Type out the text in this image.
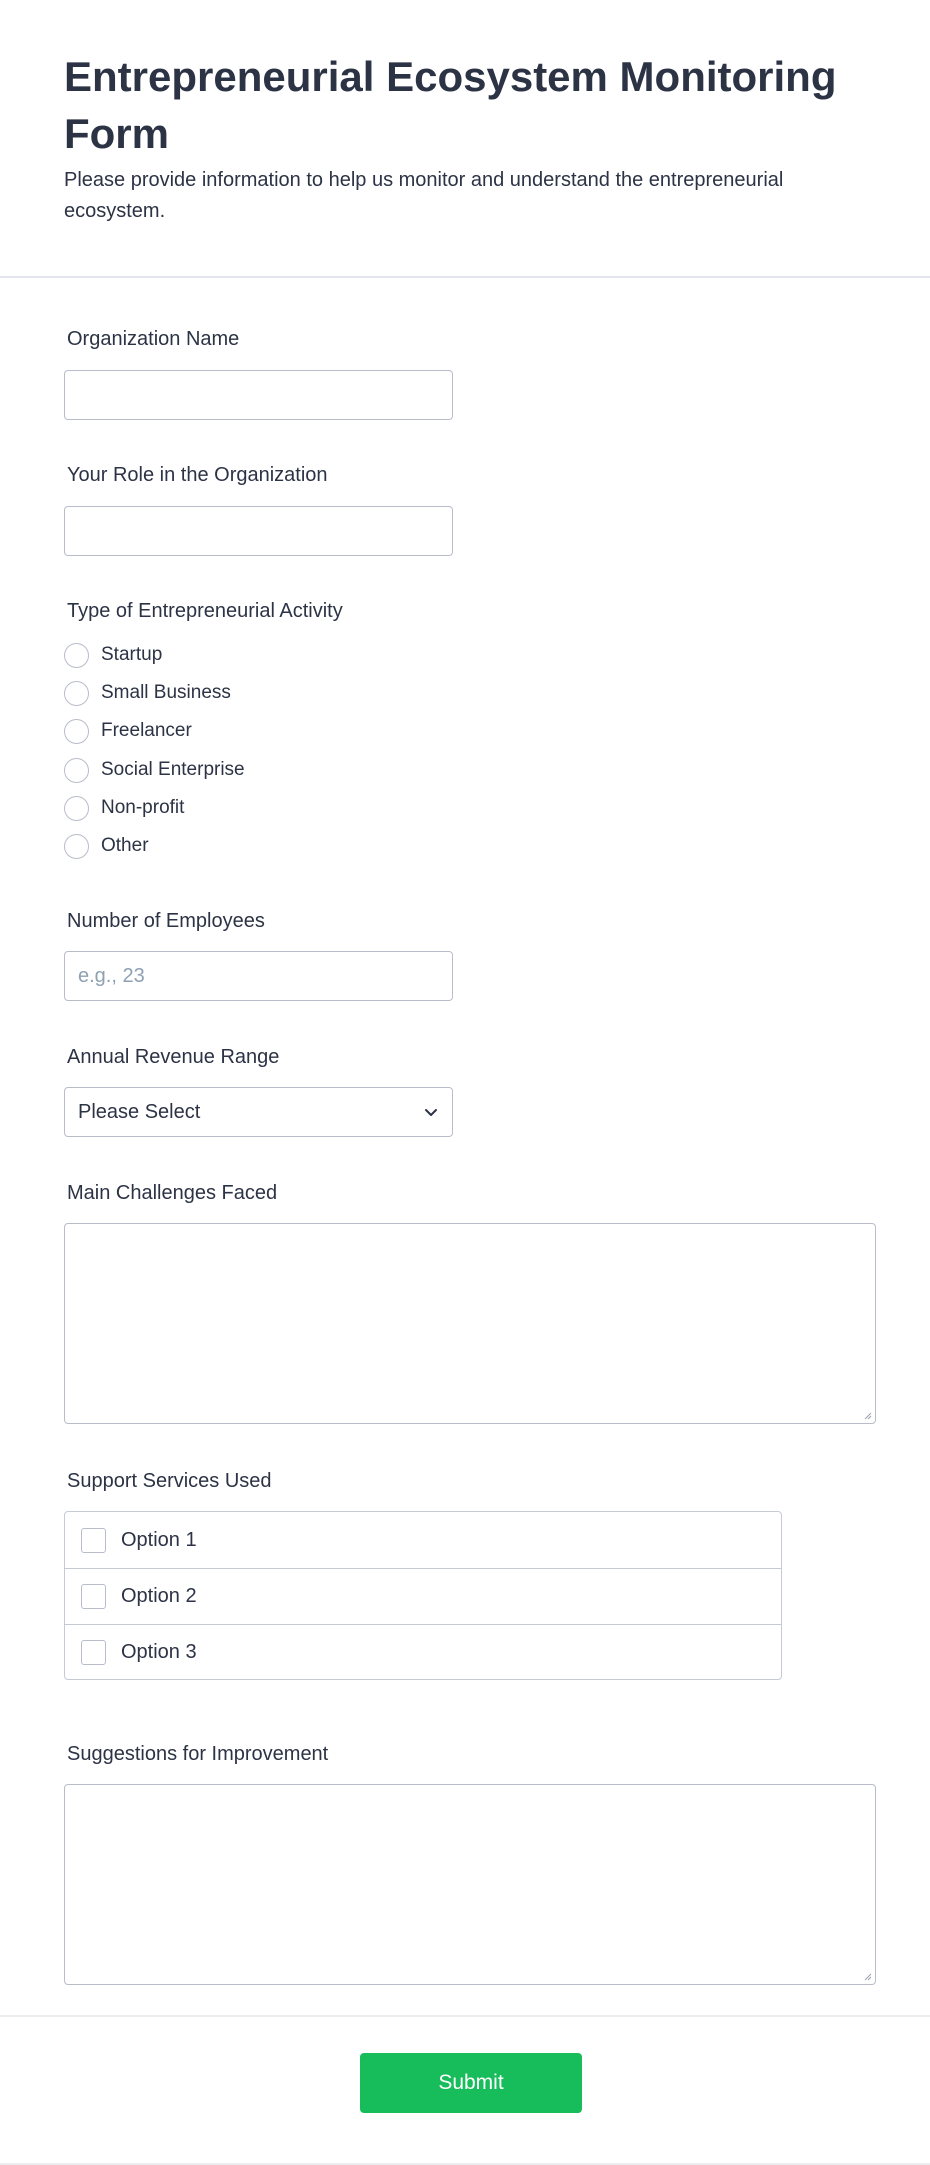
Entrepreneurial Ecosystem Monitoring Form

Please provide information to help us monitor and understand the entrepreneurial ecosystem.

Organization Name
Your Role in the Organization
Type of Entrepreneurial Activity
Startup
Small Business
Freelancer
Social Enterprise
Non-profit
Other
Number of Employees
e.g., 23
Annual Revenue Range
Please Select
Main Challenges Faced
Support Services Used
Option 1
Option 2
Option 3
Suggestions for Improvement
Submit
